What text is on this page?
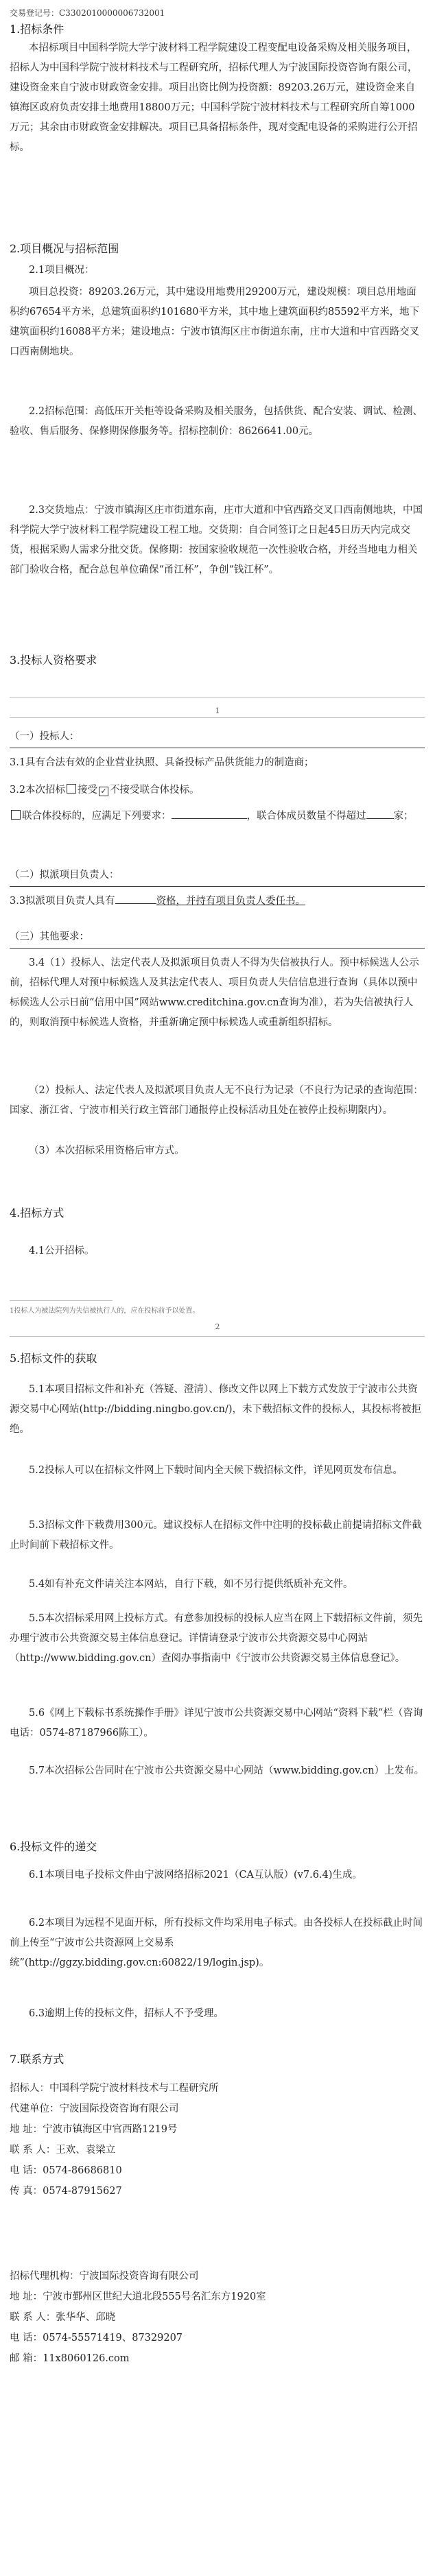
交易登记号：C3302010000006732001
1.招标条件
本招标项目中国科学院大学宁波材料工程学院建设工程变配电设备采购及相关服务项目，招标人为中国科学院宁波材料技术与工程研究所，招标代理人为宁波国际投资咨询有限公司，建设资金来自宁波市财政资金安排。项目出资比例为投资额：89203.26万元，建设资金来自镇海区政府负责安排土地费用18800万元；中国科学院宁波材料技术与工程研究所自筹1000万元；其余由市财政资金安排解决。项目已具备招标条件，现对变配电设备的采购进行公开招标。
2.项目概况与招标范围
2.1项目概况：
项目总投资：89203.26万元，其中建设用地费用29200万元，建设规模：项目总用地面积约67654平方米，总建筑面积约101680平方米，其中地上建筑面积约85592平方米，地下建筑面积约16088平方米；建设地点：宁波市镇海区庄市街道东南，庄市大道和中官西路交叉口西南侧地块。
2.2招标范围：高低压开关柜等设备采购及相关服务，包括供货、配合安装、调试、检测、验收、售后服务、保修期保修服务等。招标控制价：8626641.00元。
2.3交货地点：宁波市镇海区庄市街道东南，庄市大道和中官西路交叉口西南侧地块，中国科学院大学宁波材料工程学院建设工程工地。交货期：自合同签订之日起45日历天内完成交货，根据采购人需求分批交货。保修期：按国家验收规范一次性验收合格，并经当地电力相关部门验收合格，配合总包单位确保“甬江杯”，争创“钱江杯”。
3.投标人资格要求
1
（一）投标人：
3.1具有合法有效的企业营业执照、具备投标产品供货能力的制造商；
3.2本次招标 接受✓ 不接受联合体投标。
联合体投标的，应满足下列要求：	，联合体成员数量不得超过	家；
（二）拟派项目负责人：
3.3拟派项目负责人具有	资格，并持有项目负责人委任书。
（三）其他要求：
3.4（1）投标人、法定代表人及拟派项目负责人不得为失信被执行人。预中标候选人公示前，招标代理人对预中标候选人及其法定代表人、项目负责人失信信息进行查询（具体以预中标候选人公示日前“信用中国”网站www.creditchina.gov.cn查询为准），若为失信被执行人的，则取消预中标候选人资格，并重新确定预中标候选人或重新组织招标。
（2）投标人、法定代表人及拟派项目负责人无不良行为记录（不良行为记录的查询范围：国家、浙江省、宁波市相关行政主管部门通报停止投标活动且处在被停止投标期限内）。
（3）本次招标采用资格后审方式。
4.招标方式
4.1公开招标。
1投标人为被法院列为失信被执行人的，应在投标前予以处置。
2
5.招标文件的获取
5.1本项目招标文件和补充（答疑、澄清）、修改文件以网上下载方式发放于宁波市公共资源交易中心网站(http://bidding.ningbo.gov.cn/)，未下载招标文件的投标人，其投标将被拒绝。
5.2投标人可以在招标文件网上下载时间内全天候下载招标文件，详见网页发布信息。
5.3招标文件下载费用300元。建议投标人在招标文件中注明的投标截止前提请招标文件截止时间前下载招标文件。
5.4如有补充文件请关注本网站，自行下载，如不另行提供纸质补充文件。
5.5本次招标采用网上投标方式。有意参加投标的投标人应当在网上下载招标文件前，须先办理宁波市公共资源交易主体信息登记。详情请登录宁波市公共资源交易中心网站（http://www.bidding.gov.cn）查阅办事指南中《宁波市公共资源交易主体信息登记》。
5.6《网上下载标书系统操作手册》详见宁波市公共资源交易中心网站“资料下载”栏（咨询电话：0574-87187966陈工）。
5.7本次招标公告同时在宁波市公共资源交易中心网站（www.bidding.gov.cn）上发布。
6.投标文件的递交
6.1本项目电子投标文件由宁波网络招标2021（CA互认版）(v7.6.4)生成。
6.2本项目为远程不见面开标，所有投标文件均采用电子标式。由各投标人在投标截止时间前上传至“宁波市公共资源网上交易系统”(http://ggzy.bidding.gov.cn:60822/19/login.jsp)。
6.3逾期上传的投标文件，招标人不予受理。
7.联系方式
招标人：中国科学院宁波材料技术与工程研究所
代建单位：宁波国际投资咨询有限公司
地 址：宁波市镇海区中官西路1219号
联 系 人：王欢、袁梁立
电 话：0574-86686810
传 真：0574-87915627
招标代理机构：宁波国际投资咨询有限公司
地 址：宁波市鄞州区世纪大道北段555号名汇东方1920室
联 系 人：张华华、邱晓
电 话：0574-55571419、87329207
邮 箱：11x8060126.com
